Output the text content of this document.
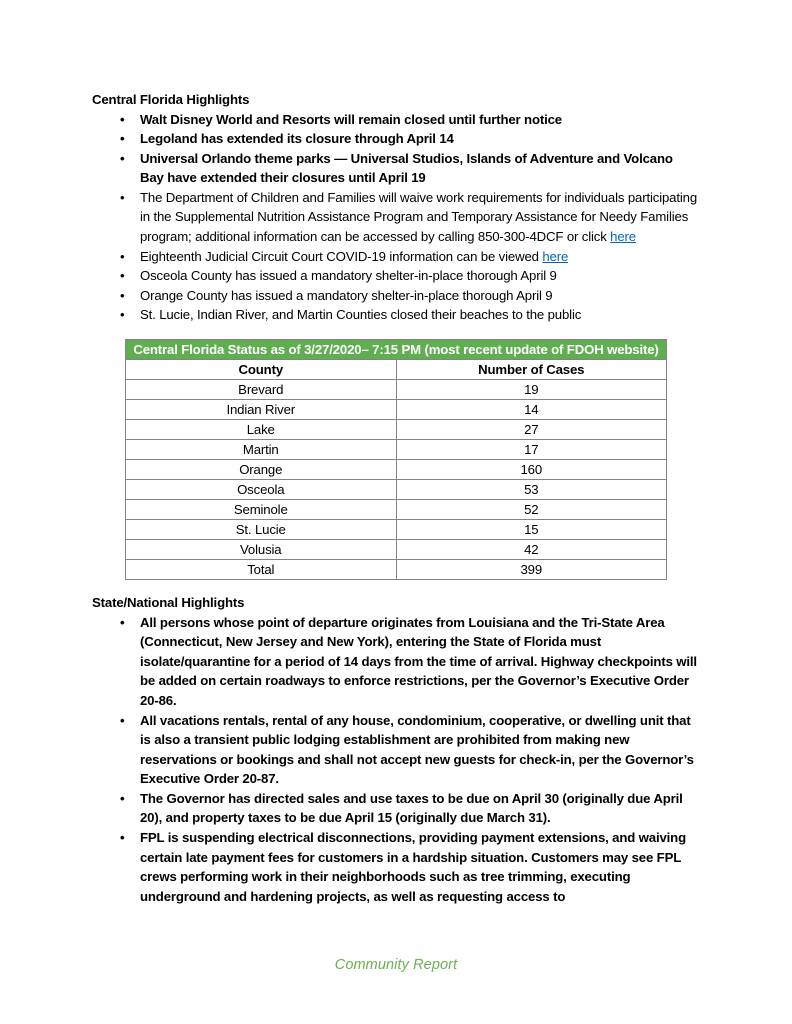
Central Florida Highlights
•	Walt Disney World and Resorts will remain closed until further notice
•	Legoland has extended its closure through April 14
•	Universal Orlando theme parks — Universal Studios, Islands of Adventure and Volcano Bay have extended their closures until April 19
•	The Department of Children and Families will waive work requirements for individuals participating in the Supplemental Nutrition Assistance Program and Temporary Assistance for Needy Families program; additional information can be accessed by calling 850-300-4DCF or click here
•	Eighteenth Judicial Circuit Court COVID-19 information can be viewed here
•	Osceola County has issued a mandatory shelter-in-place thorough April 9
•	Orange County has issued a mandatory shelter-in-place thorough April 9
•	St. Lucie, Indian River, and Martin Counties closed their beaches to the public
Central Florida Status as of 3/27/2020– 7:15 PM (most recent update of FDOH website)	
County	Number of Cases
Brevard	19
Indian River	14
Lake	27
Martin	17
Orange	160
Osceola	53
Seminole	52
St. Lucie	15
Volusia	42
Total	399
State/National Highlights
•	All persons whose point of departure originates from Louisiana and the Tri-State Area (Connecticut, New Jersey and New York), entering the State of Florida must isolate/quarantine for a period of 14 days from the time of arrival. Highway checkpoints will be added on certain roadways to enforce restrictions, per the Governor’s Executive Order 20-86.
•	All vacations rentals, rental of any house, condominium, cooperative, or dwelling unit that is also a transient public lodging establishment are prohibited from making new reservations or bookings and shall not accept new guests for check-in, per the Governor’s Executive Order 20-87.
•	The Governor has directed sales and use taxes to be due on April 30 (originally due April 20), and property taxes to be due April 15 (originally due March 31).
•	FPL is suspending electrical disconnections, providing payment extensions, and waiving certain late payment fees for customers in a hardship situation. Customers may see FPL crews performing work in their neighborhoods such as tree trimming, executing underground and hardening projects, as well as requesting access to
Community Report
